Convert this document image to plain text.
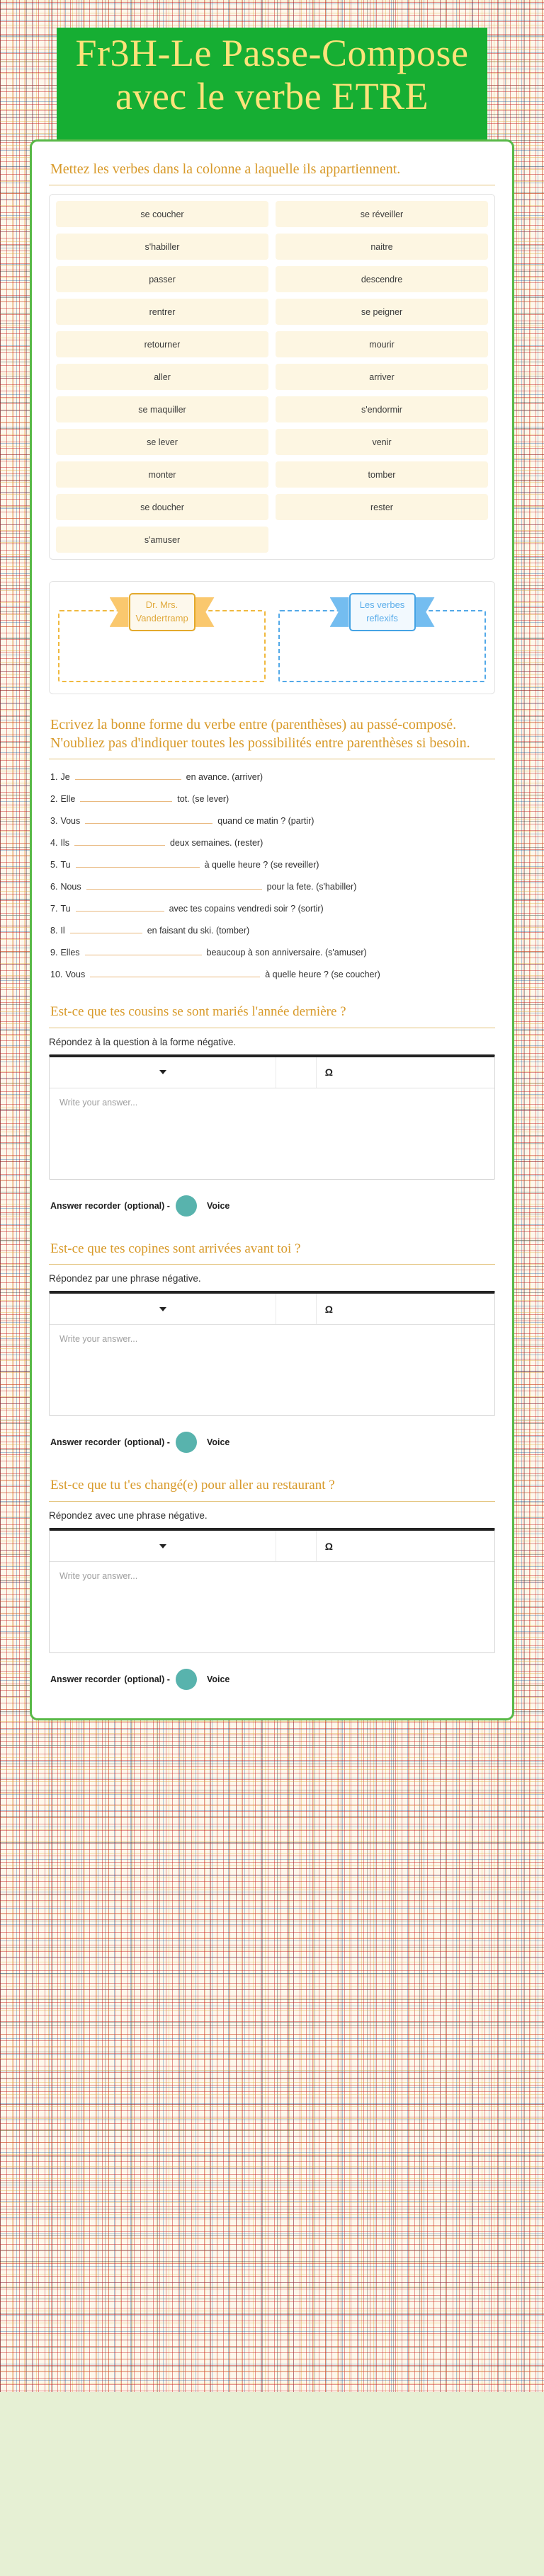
Fr3H-Le Passe-Compose avec le verbe ETRE
Mettez les verbes dans la colonne a laquelle ils appartiennent.
se coucher	se réveiller
s'habiller	naitre
passer	descendre
rentrer	se peigner
retourner	mourir
aller	arriver
se maquiller	s'endormir
se lever	venir
monter	tomber
se doucher	rester
s'amuser
Dr. Mrs. Vandertramp
Les verbes reflexifs
Ecrivez la bonne forme du verbe entre (parenthèses) au passé-composé. N'oubliez pas d'indiquer toutes les possibilités entre parenthèses si besoin.
1. Je	en avance. (arriver)
2. Elle	tot. (se lever)
3. Vous	quand ce matin ? (partir)
4. Ils	deux semaines. (rester)
5. Tu	à quelle heure ? (se reveiller)
6. Nous	pour la fete. (s'habiller)
7. Tu	avec tes copains vendredi soir ? (sortir)
8. Il	en faisant du ski. (tomber)
9. Elles	beaucoup à son anniversaire. (s'amuser)
10. Vous	à quelle heure ? (se coucher)
Est-ce que tes cousins se sont mariés l'année dernière ?
Répondez à la question à la forme négative.
Ω
Write your answer...
Answer recorder (optional) -	Voice
Est-ce que tes copines sont arrivées avant toi ?
Répondez par une phrase négative.
Ω
Write your answer...
Answer recorder (optional) -	Voice
Est-ce que tu t'es changé(e) pour aller au restaurant ?
Répondez avec une phrase négative.
Ω
Write your answer...
Answer recorder (optional) -	Voice
